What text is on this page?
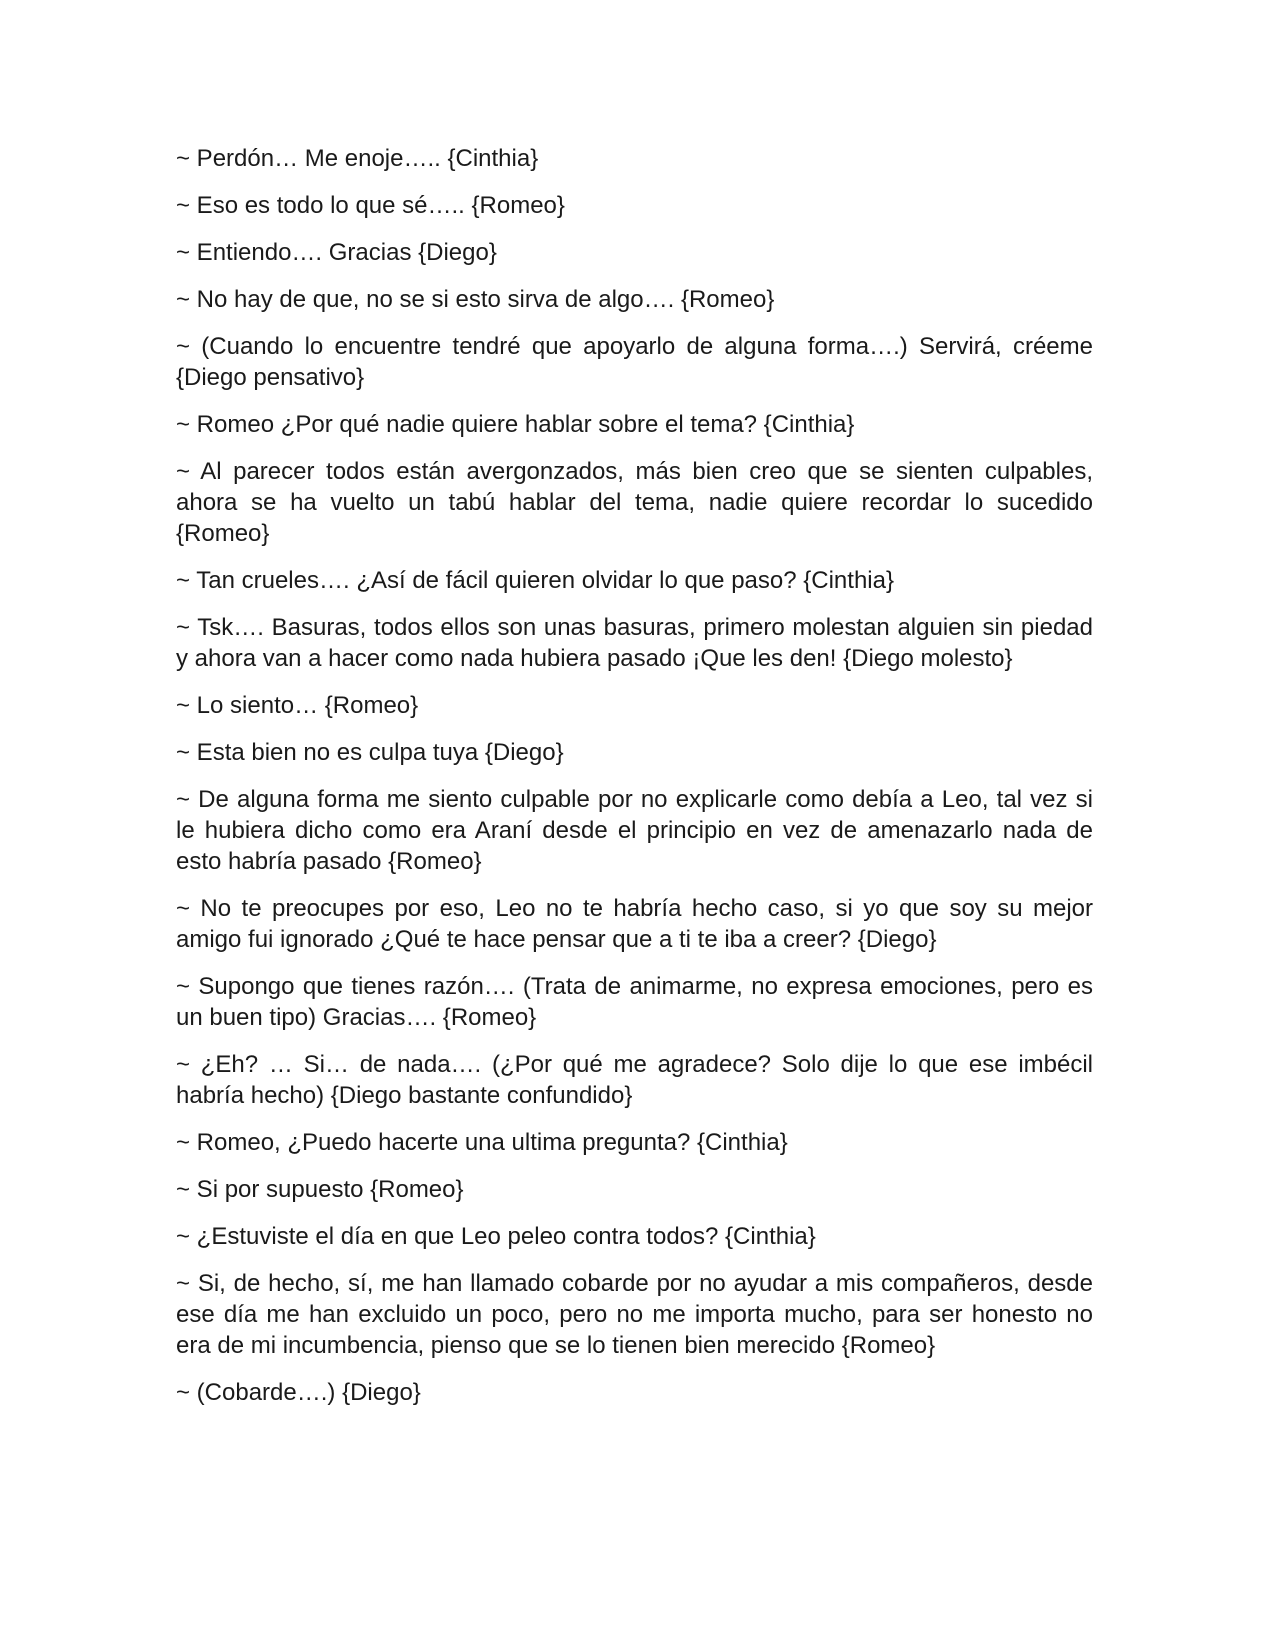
~ Perdón… Me enoje….. {Cinthia}

~ Eso es todo lo que sé….. {Romeo}

~ Entiendo…. Gracias {Diego}

~ No hay de que, no se si esto sirva de algo…. {Romeo}

~ (Cuando lo encuentre tendré que apoyarlo de alguna forma….) Servirá, créeme {Diego pensativo}

~ Romeo ¿Por qué nadie quiere hablar sobre el tema? {Cinthia}

~ Al parecer todos están avergonzados, más bien creo que se sienten culpables, ahora se ha vuelto un tabú hablar del tema, nadie quiere recordar lo sucedido {Romeo}

~ Tan crueles…. ¿Así de fácil quieren olvidar lo que paso? {Cinthia}

~ Tsk…. Basuras, todos ellos son unas basuras, primero molestan alguien sin piedad y ahora van a hacer como nada hubiera pasado ¡Que les den! {Diego molesto}

~ Lo siento… {Romeo}

~ Esta bien no es culpa tuya {Diego}

~ De alguna forma me siento culpable por no explicarle como debía a Leo, tal vez si le hubiera dicho como era Araní desde el principio en vez de amenazarlo nada de esto habría pasado {Romeo}

~ No te preocupes por eso, Leo no te habría hecho caso, si yo que soy su mejor amigo fui ignorado ¿Qué te hace pensar que a ti te iba a creer? {Diego}

~ Supongo que tienes razón…. (Trata de animarme, no expresa emociones, pero es un buen tipo) Gracias…. {Romeo}

~ ¿Eh? … Si… de nada…. (¿Por qué me agradece? Solo dije lo que ese imbécil habría hecho) {Diego bastante confundido}

~ Romeo, ¿Puedo hacerte una ultima pregunta? {Cinthia}

~ Si por supuesto {Romeo}

~ ¿Estuviste el día en que Leo peleo contra todos? {Cinthia}

~ Si, de hecho, sí, me han llamado cobarde por no ayudar a mis compañeros, desde ese día me han excluido un poco, pero no me importa mucho, para ser honesto no era de mi incumbencia, pienso que se lo tienen bien merecido {Romeo}

~ (Cobarde….) {Diego}
